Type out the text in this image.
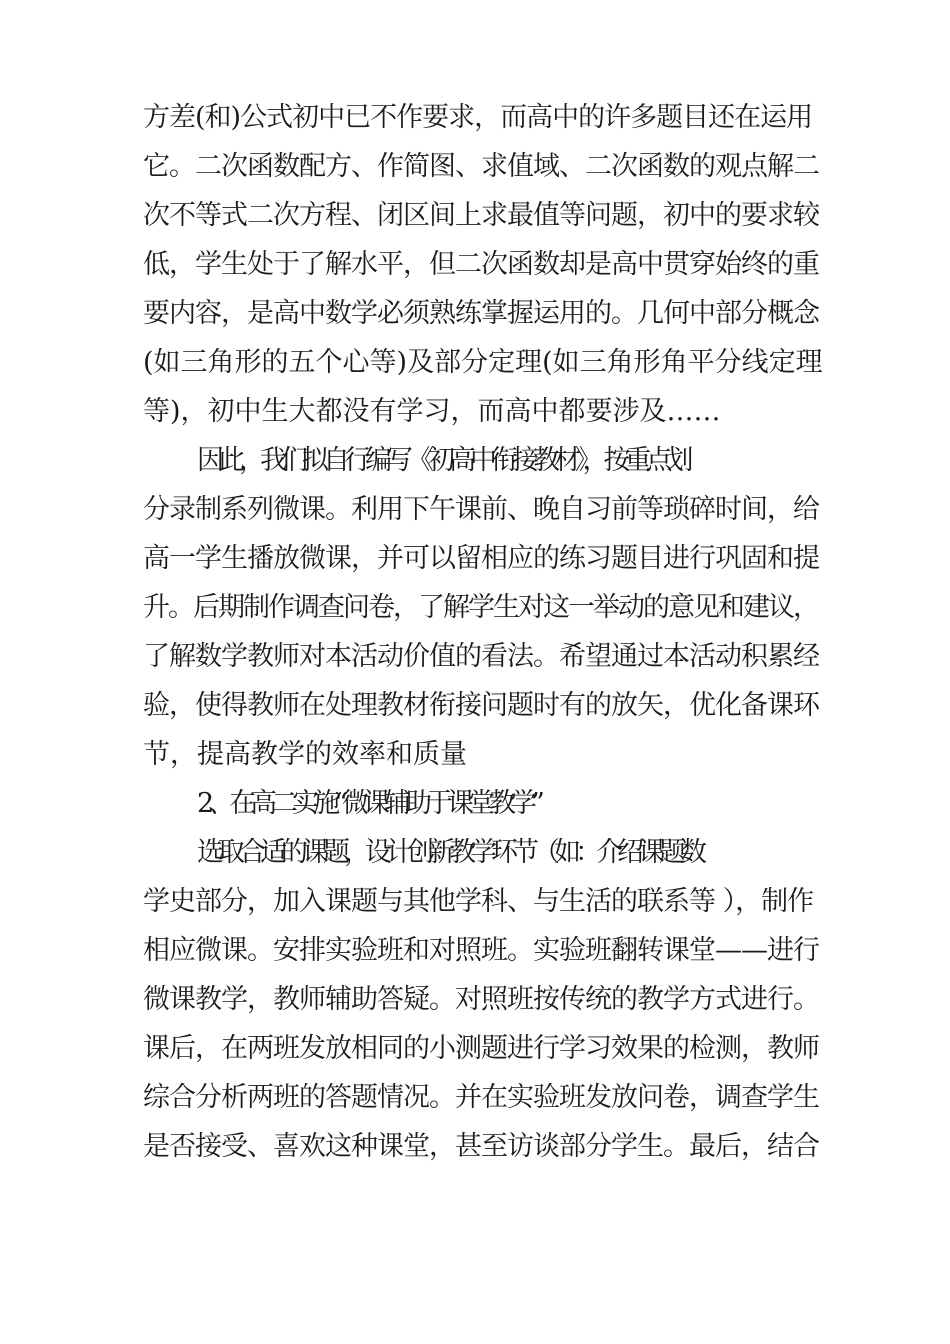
方差(和)公式初中已不作要求，而高中的许多题目还在运用
它。二次函数配方、作简图、求值域、二次函数的观点解二
次不等式二次方程、闭区间上求最值等问题，初中的要求较
低，学生处于了解水平，但二次函数却是高中贯穿始终的重
要内容，是高中数学必须熟练掌握运用的。几何中部分概念
(如三角形的五个心等)及部分定理(如三角形角平分线定理
等)，初中生大都没有学习，而高中都要涉及……
因此，我们拟自行编写《初高中衔接教材》，按重点划
分录制系列微课。利用下午课前、晚自习前等琐碎时间，给
高一学生播放微课，并可以留相应的练习题目进行巩固和提
升。后期制作调查问卷，了解学生对这一举动的意见和建议，
了解数学教师对本活动价值的看法。希望通过本活动积累经
验，使得教师在处理教材衔接问题时有的放矢，优化备课环
节，提高教学的效率和质量
2、在高二实施“微课辅助于课堂教学”
选取合适的课题，设计创新教学环节（如：介绍课题数
学史部分，加入课题与其他学科、与生活的联系等 ），制作
相应微课。安排实验班和对照班。实验班翻转课堂——进行
微课教学，教师辅助答疑。对照班按传统的教学方式进行。
课后，在两班发放相同的小测题进行学习效果的检测，教师
综合分析两班的答题情况。并在实验班发放问卷，调查学生
是否接受、喜欢这种课堂，甚至访谈部分学生。最后，结合
